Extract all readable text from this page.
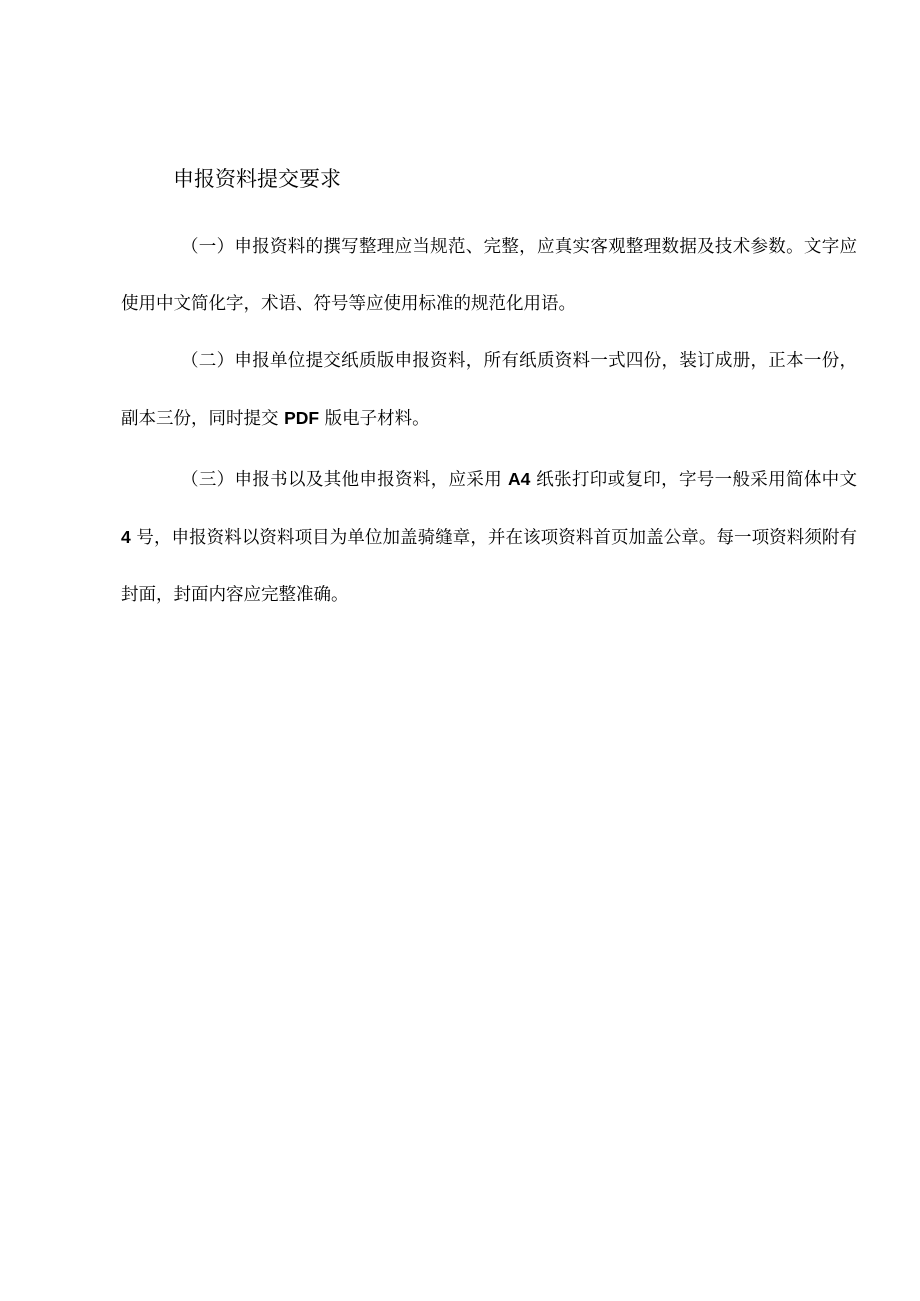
申报资料提交要求

（一）申报资料的撰写整理应当规范、完整，应真实客观整理数据及技术参数。文字应使用中文简化字，术语、符号等应使用标准的规范化用语。

（二）申报单位提交纸质版申报资料，所有纸质资料一式四份，装订成册，正本一份，副本三份，同时提交 PDF 版电子材料。

（三）申报书以及其他申报资料，应采用 A4 纸张打印或复印，字号一般采用简体中文 4 号，申报资料以资料项目为单位加盖骑缝章，并在该项资料首页加盖公章。每一项资料须附有封面，封面内容应完整准确。
